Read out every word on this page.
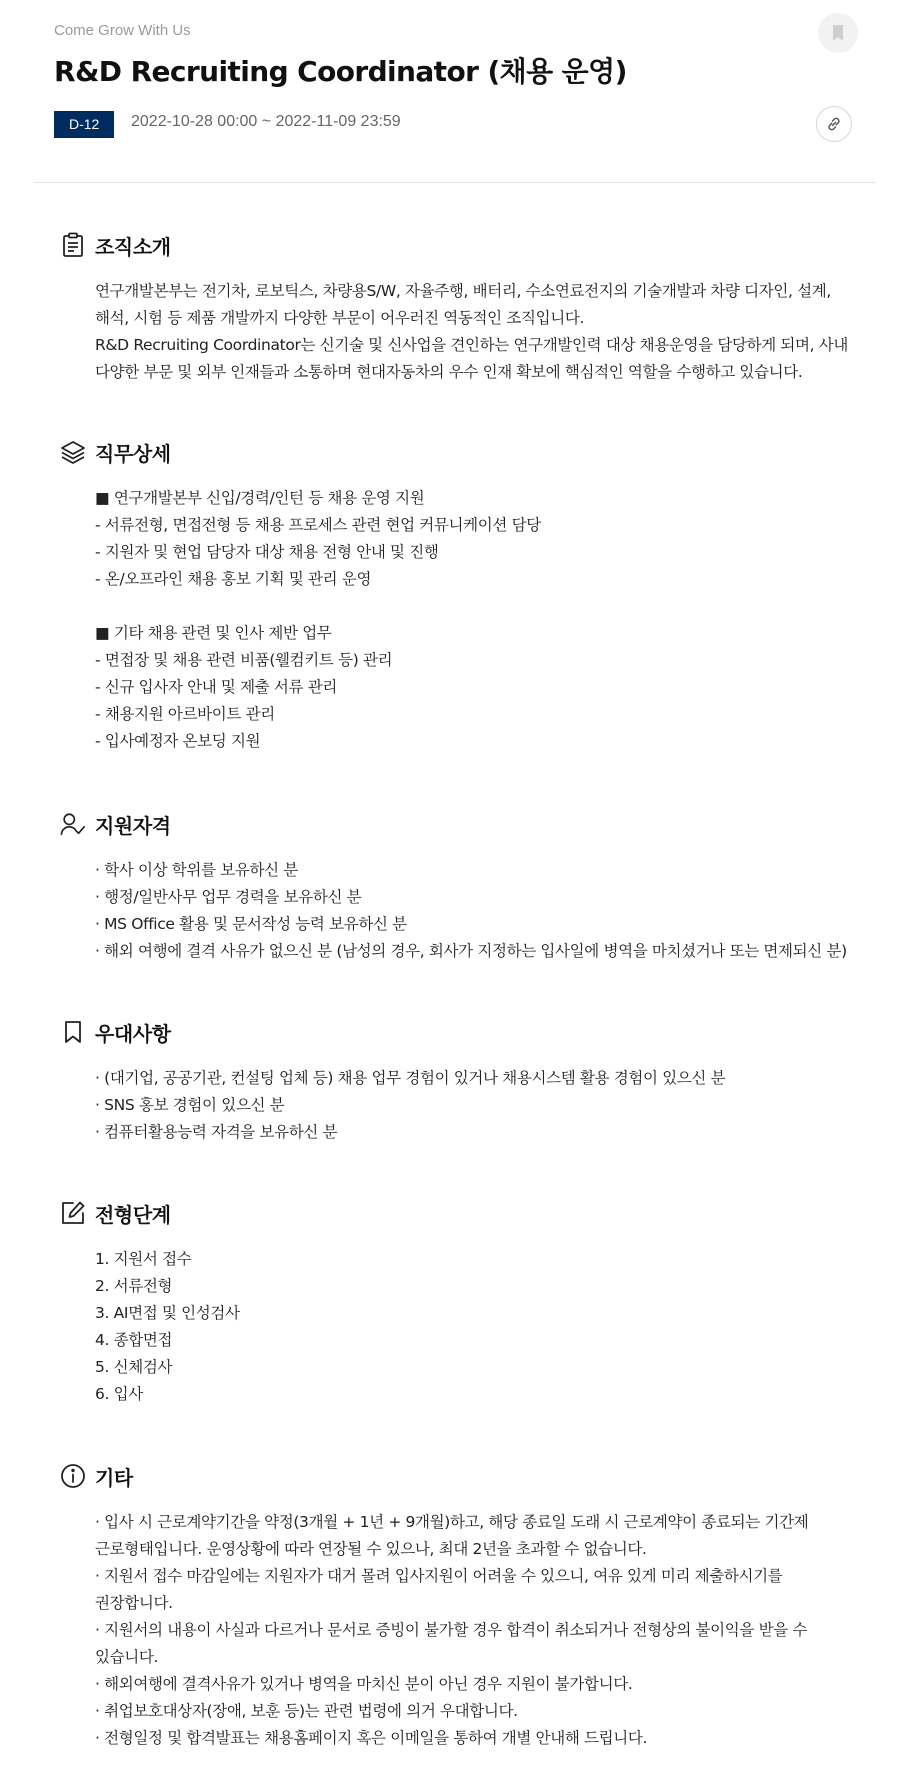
Come Grow With Us
R&D Recruiting Coordinator (채용 운영)
D-12	2022-10-28 00:00 ~ 2022-11-09 23:59
조직소개
연구개발본부는 전기차, 로보틱스, 차량용S/W, 자율주행, 배터리, 수소연료전지의 기술개발과 차량 디자인, 설계,
해석, 시험 등 제품 개발까지 다양한 부문이 어우러진 역동적인 조직입니다.
R&D Recruiting Coordinator는 신기술 및 신사업을 견인하는 연구개발인력 대상 채용운영을 담당하게 되며, 사내
다양한 부문 및 외부 인재들과 소통하며 현대자동차의 우수 인재 확보에 핵심적인 역할을 수행하고 있습니다.
직무상세
■ 연구개발본부 신입/경력/인턴 등 채용 운영 지원
- 서류전형, 면접전형 등 채용 프로세스 관련 현업 커뮤니케이션 담당
- 지원자 및 현업 담당자 대상 채용 전형 안내 및 진행
- 온/오프라인 채용 홍보 기획 및 관리 운영
■ 기타 채용 관련 및 인사 제반 업무
- 면접장 및 채용 관련 비품(웰컴키트 등) 관리
- 신규 입사자 안내 및 제출 서류 관리
- 채용지원 아르바이트 관리
- 입사예정자 온보딩 지원
지원자격
· 학사 이상 학위를 보유하신 분
· 행정/일반사무 업무 경력을 보유하신 분
· MS Office 활용 및 문서작성 능력 보유하신 분
· 해외 여행에 결격 사유가 없으신 분 (남성의 경우, 회사가 지정하는 입사일에 병역을 마치셨거나 또는 면제되신 분)
우대사항
· (대기업, 공공기관, 컨설팅 업체 등) 채용 업무 경험이 있거나 채용시스템 활용 경험이 있으신 분
· SNS 홍보 경험이 있으신 분
· 컴퓨터활용능력 자격을 보유하신 분
전형단계
1. 지원서 접수
2. 서류전형
3. AI면접 및 인성검사
4. 종합면접
5. 신체검사
6. 입사
기타
· 입사 시 근로계약기간을 약정(3개월 + 1년 + 9개월)하고, 해당 종료일 도래 시 근로계약이 종료되는 기간제
근로형태입니다. 운영상황에 따라 연장될 수 있으나, 최대 2년을 초과할 수 없습니다.
· 지원서 접수 마감일에는 지원자가 대거 몰려 입사지원이 어려울 수 있으니, 여유 있게 미리 제출하시기를
권장합니다.
· 지원서의 내용이 사실과 다르거나 문서로 증빙이 불가할 경우 합격이 취소되거나 전형상의 불이익을 받을 수
있습니다.
· 해외여행에 결격사유가 있거나 병역을 마치신 분이 아닌 경우 지원이 불가합니다.
· 취업보호대상자(장애, 보훈 등)는 관련 법령에 의거 우대합니다.
· 전형일정 및 합격발표는 채용홈페이지 혹은 이메일을 통하여 개별 안내해 드립니다.
